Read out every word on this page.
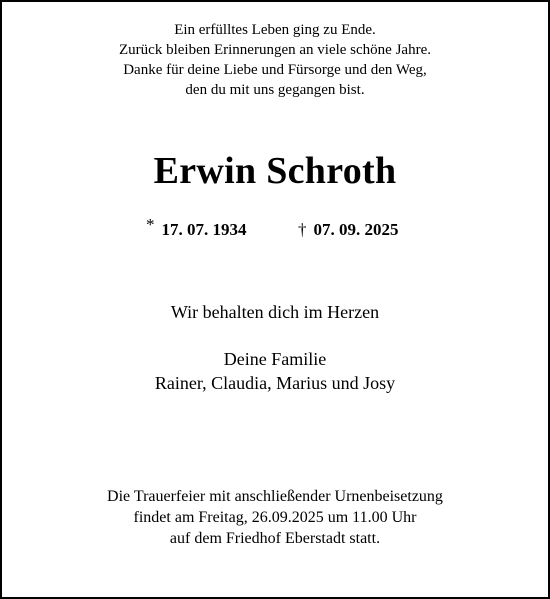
Ein erfülltes Leben ging zu Ende.
Zurück bleiben Erinnerungen an viele schöne Jahre.
Danke für deine Liebe und Fürsorge und den Weg,
den du mit uns gegangen bist.
Erwin Schroth
* 17. 07. 1934	† 07. 09. 2025
Wir behalten dich im Herzen
Deine Familie
Rainer, Claudia, Marius und Josy
Die Trauerfeier mit anschließender Urnenbeisetzung
findet am Freitag, 26.09.2025 um 11.00 Uhr
auf dem Friedhof Eberstadt statt.
